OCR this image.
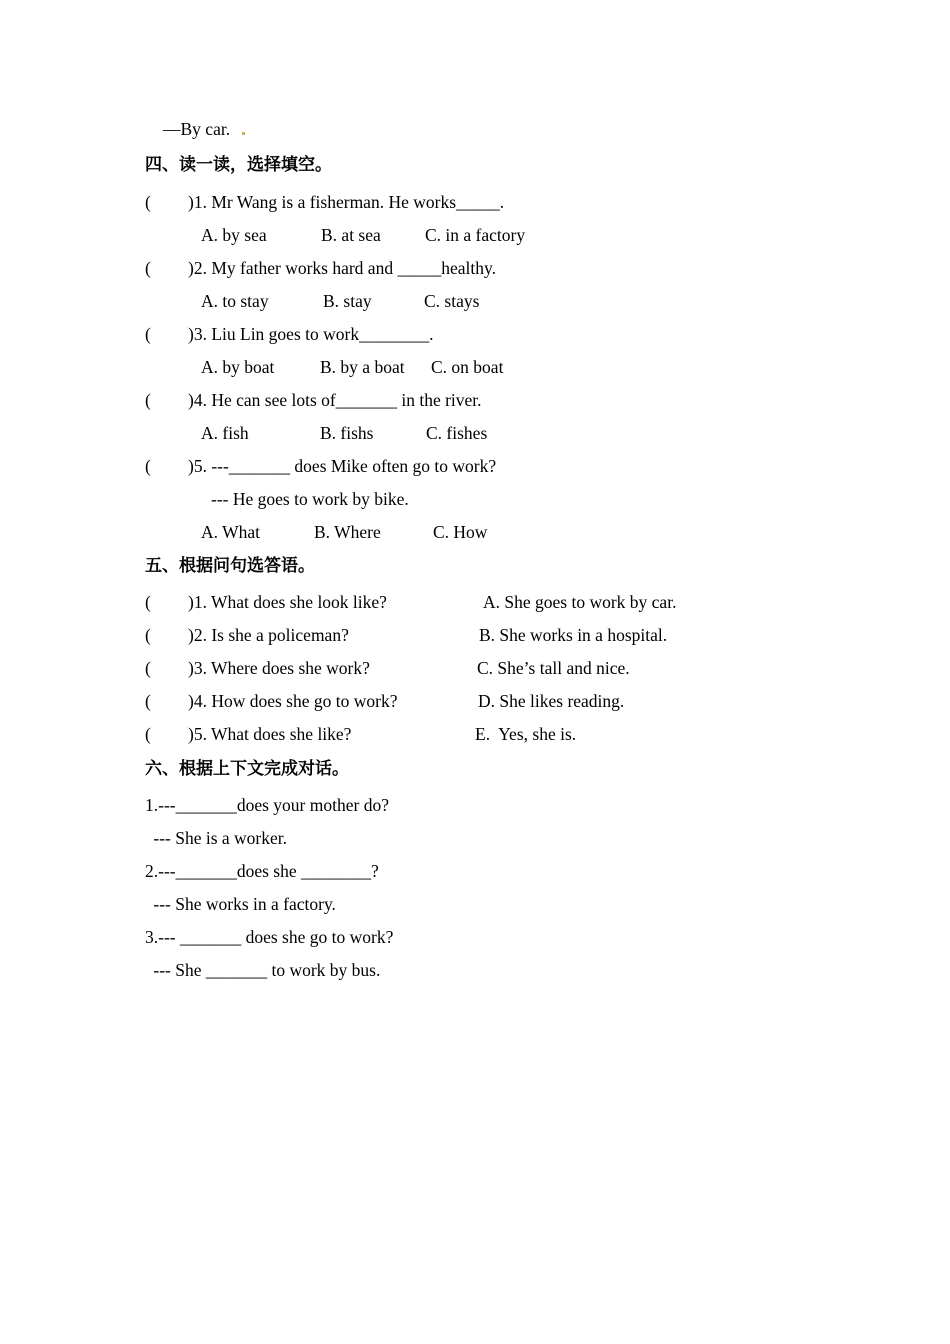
—By car.
四、读一读，选择填空。
( )1. Mr Wang is a fisherman. He works_____.
A. by sea	B. at sea	C. in a factory
( )2. My father works hard and _____healthy.
A. to stay	B. stay	C. stays
( )3. Liu Lin goes to work________.
A. by boat	B. by a boat C. on boat
( )4. He can see lots of_______ in the river.
A. fish	B. fishs	C. fishes
( )5. ---_______ does Mike often go to work?
--- He goes to work by bike.
A. What	B. Where	C. How
五、根据问句选答语。
( )1. What does she look like?	A. She goes to work by car.
( )2. Is she a policeman?	B. She works in a hospital.
( )3. Where does she work?	C. She’s tall and nice.
( )4. How does she go to work?	D. She likes reading.
( )5. What does she like?	E.  Yes, she is.
六、根据上下文完成对话。
1.---_______does your mother do?
--- She is a worker.
2.---_______does she ________?
--- She works in a factory.
3.--- _______ does she go to work?
--- She _______ to work by bus.
